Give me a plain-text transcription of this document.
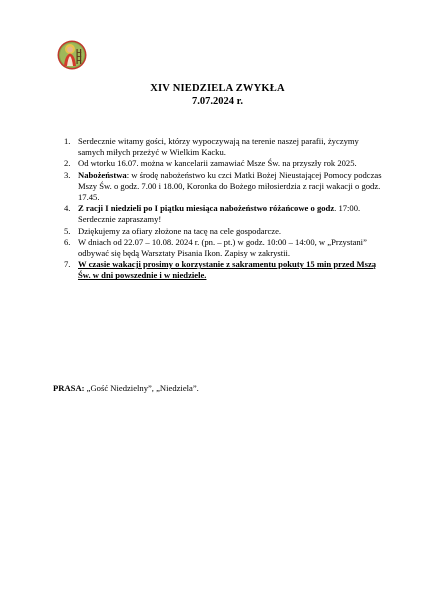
XIV NIEDZIELA ZWYKŁA
7.07.2024 r.
1. Serdecznie witamy gości, którzy wypoczywają na terenie naszej parafii, życzymy samych miłych przeżyć w Wielkim Kacku.
2. Od wtorku 16.07. można w kancelarii zamawiać Msze Św. na przyszły rok 2025.
3. Nabożeństwa: w środę nabożeństwo ku czci Matki Bożej Nieustającej Pomocy podczas Mszy Św. o godz. 7.00 i 18.00, Koronka do Bożego miłosierdzia z racji wakacji o godz. 17.45.
4. Z racji I niedzieli po I piątku miesiąca nabożeństwo różańcowe o godz. 17:00. Serdecznie zapraszamy!
5. Dziękujemy za ofiary złożone na tacę na cele gospodarcze.
6. W dniach od 22.07 – 10.08. 2024 r. (pn. – pt.) w godz. 10:00 – 14:00, w „Przystani” odbywać się będą Warsztaty Pisania Ikon. Zapisy w zakrystii.
7. W czasie wakacji prosimy o korzystanie z sakramentu pokuty 15 min przed Mszą Św. w dni powszednie i w niedziele.
PRASA: „Gość Niedzielny”, „Niedziela”.
